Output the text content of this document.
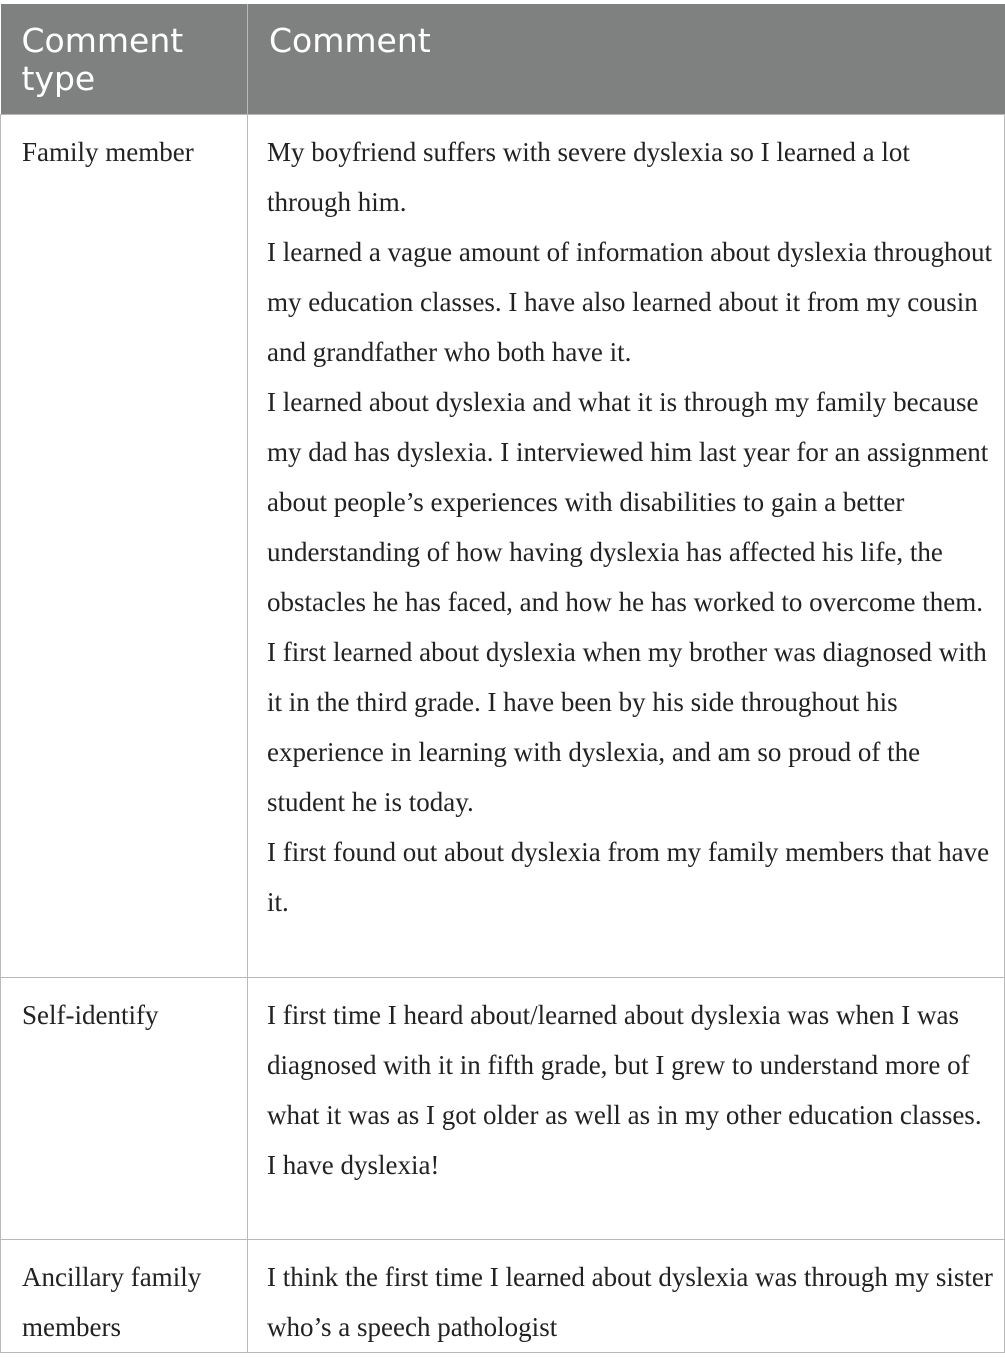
Comment type	Comment
Family member	My boyfriend suffers with severe dyslexia so I learned a lot through him.
I learned a vague amount of information about dyslexia throughout my education classes. I have also learned about it from my cousin and grandfather who both have it.
I learned about dyslexia and what it is through my family because my dad has dyslexia. I interviewed him last year for an assignment about people’s experiences with disabilities to gain a better understanding of how having dyslexia has affected his life, the obstacles he has faced, and how he has worked to overcome them.
I first learned about dyslexia when my brother was diagnosed with it in the third grade. I have been by his side throughout his experience in learning with dyslexia, and am so proud of the student he is today.
I first found out about dyslexia from my family members that have it.

Self-identify	I first time I heard about/learned about dyslexia was when I was diagnosed with it in fifth grade, but I grew to understand more of what it was as I got older as well as in my other education classes.
I have dyslexia!

Ancillary family members	I think the first time I learned about dyslexia was through my sister who’s a speech pathologist
